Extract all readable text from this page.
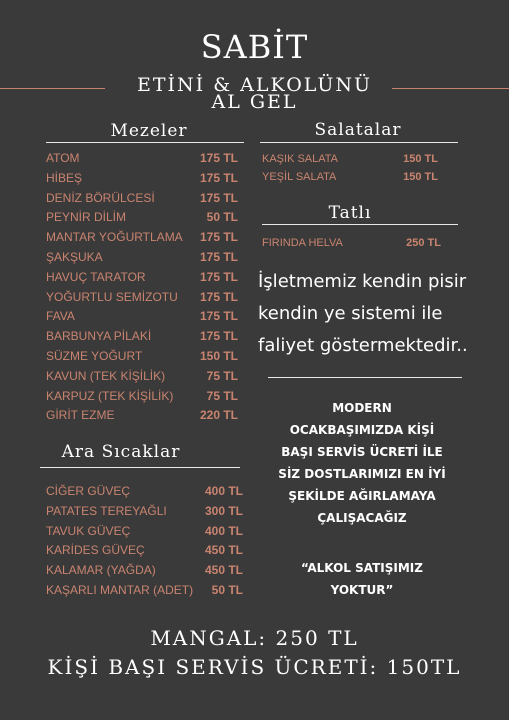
SABİT
ETİNİ & ALKOLÜNÜ
AL GEL
Mezeler
ATOM	175 TL
HİBEŞ	175 TL
DENİZ BÖRÜLCESİ	175 TL
PEYNİR DİLİM	50 TL
MANTAR YOĞURTLAMA	175 TL
ŞAKŞUKA	175 TL
HAVUÇ TARATOR	175 TL
YOĞURTLU SEMİZOTU	175 TL
FAVA	175 TL
BARBUNYA PİLAKİ	175 TL
SÜZME YOĞURT	150 TL
KAVUN (TEK KİŞİLİK)	75 TL
KARPUZ (TEK KİŞİLİK)	75 TL
GİRİT EZME	220 TL
Ara Sıcaklar
CİĞER GÜVEÇ	400 TL
PATATES TEREYAĞLI	300 TL
TAVUK GÜVEÇ	400 TL
KARİDES GÜVEÇ	450 TL
KALAMAR (YAĞDA)	450 TL
KAŞARLI MANTAR (ADET)	50 TL
Salatalar
KAŞIK SALATA	150 TL
YEŞİL SALATA	150 TL
Tatlı
FIRINDA HELVA	250 TL
İşletmemiz kendin pisir
kendin ye sistemi ile
faliyet göstermektedir..
MODERN
OCAKBAŞIMIZDA KİŞİ
BAŞI SERVİS ÜCRETİ İLE
SİZ DOSTLARIMIZI EN İYİ
ŞEKİLDE AĞIRLAMAYA
ÇALIŞACAĞIZ
“ALKOL SATIŞIMIZ
YOKTUR”
MANGAL: 250 TL
KİŞİ BAŞI SERVİS ÜCRETİ: 150TL
